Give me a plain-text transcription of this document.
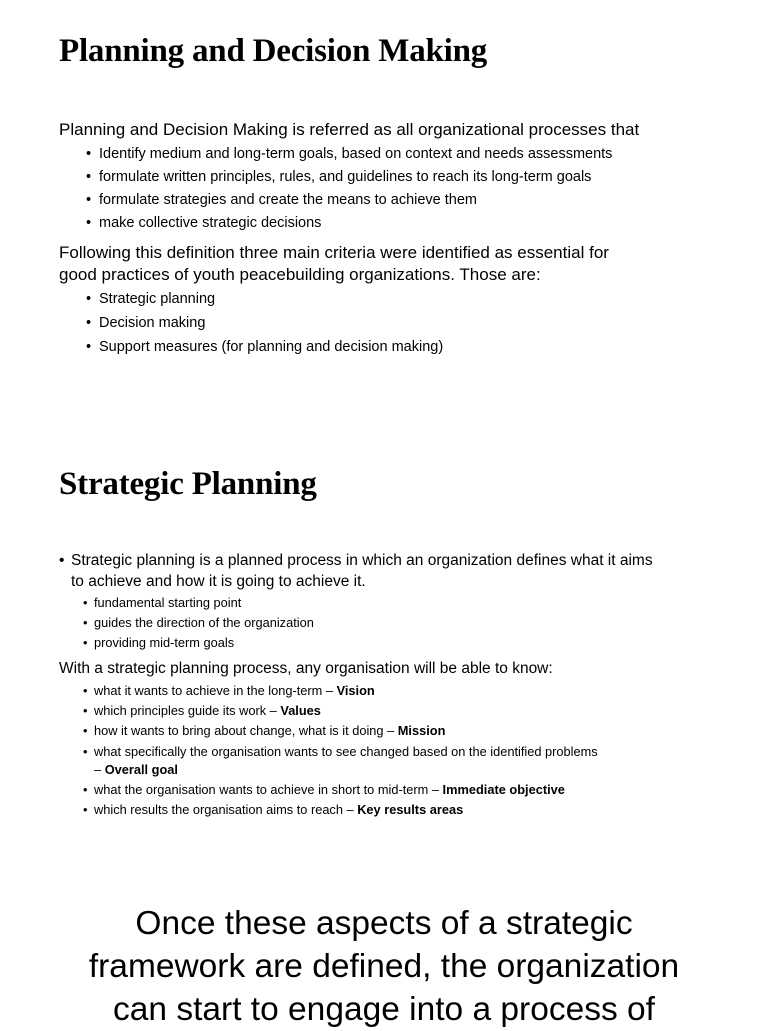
Planning and Decision Making

Planning and Decision Making is referred as all organizational processes that

• Identify medium and long-term goals, based on context and needs assessments

• formulate written principles, rules, and guidelines to reach its long-term goals

• formulate strategies and create the means to achieve them

• make collective strategic decisions

Following this definition three main criteria were identified as essential for

good practices of youth peacebuilding organizations. Those are:

• Strategic planning

• Decision making

• Support measures (for planning and decision making)

Strategic Planning

• Strategic planning is a planned process in which an organization defines what it aims

to achieve and how it is going to achieve it.

• fundamental starting point

• guides the direction of the organization

• providing mid-term goals

With a strategic planning process, any organisation will be able to know:

• what it wants to achieve in the long-term – Vision

• which principles guide its work – Values

• how it wants to bring about change, what is it doing – Mission

• what specifically the organisation wants to see changed based on the identified problems

– Overall goal

• what the organisation wants to achieve in short to mid-term – Immediate objective

• which results the organisation aims to reach – Key results areas

Once these aspects of a strategic

framework are defined, the organization

can start to engage into a process of
